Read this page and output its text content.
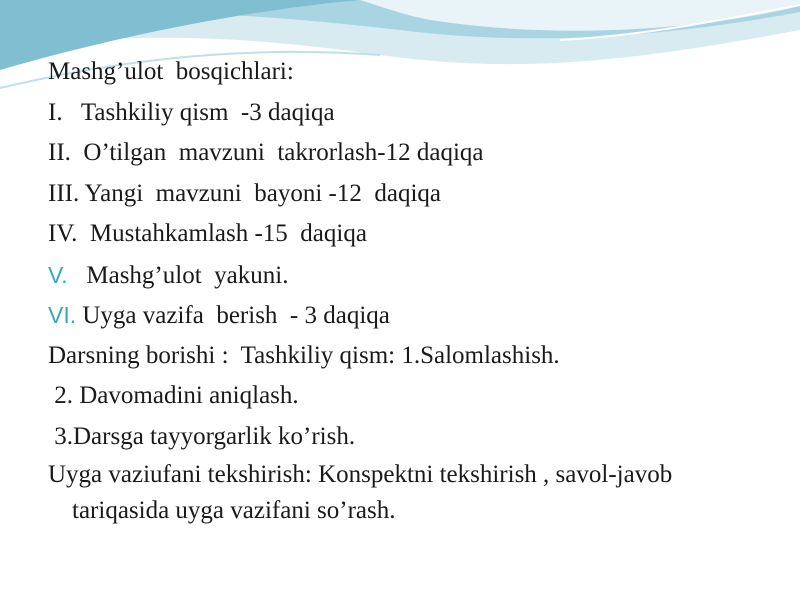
Mashg’ulot  bosqichlari:
I.   Tashkiliy qism  -3 daqiqa
II.  O’tilgan  mavzuni  takrorlash-12 daqiqa
III. Yangi  mavzuni  bayoni -12  daqiqa
IV.  Mustahkamlash -15  daqiqa
V.   Mashg’ulot  yakuni.
VI. Uyga vazifa  berish  - 3 daqiqa
Darsning borishi :  Tashkiliy qism: 1.Salomlashish.
2. Davomadini aniqlash.
3.Darsga tayyorgarlik ko’rish.
Uyga vaziufani tekshirish: Konspektni tekshirish , savol-javob tariqasida uyga vazifani so’rash.
